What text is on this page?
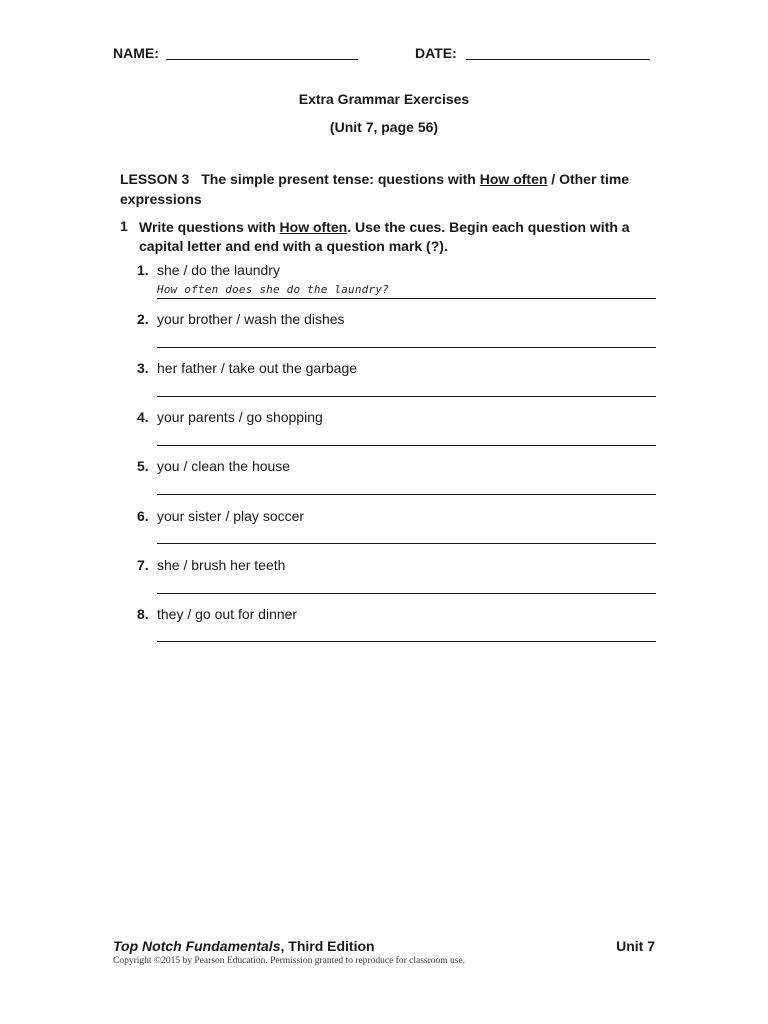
NAME:	DATE:
Extra Grammar Exercises
(Unit 7, page 56)
LESSON 3 The simple present tense: questions with How often / Other time expressions
1 Write questions with How often. Use the cues. Begin each question with a capital letter and end with a question mark (?).
1. she / do the laundry
How often does she do the laundry?
2. your brother / wash the dishes
3. her father / take out the garbage
4. your parents / go shopping
5. you / clean the house
6. your sister / play soccer
7. she / brush her teeth
8. they / go out for dinner
Top Notch Fundamentals, Third Edition	Unit 7
Copyright ©2015 by Pearson Education. Permission granted to reproduce for classroom use.
